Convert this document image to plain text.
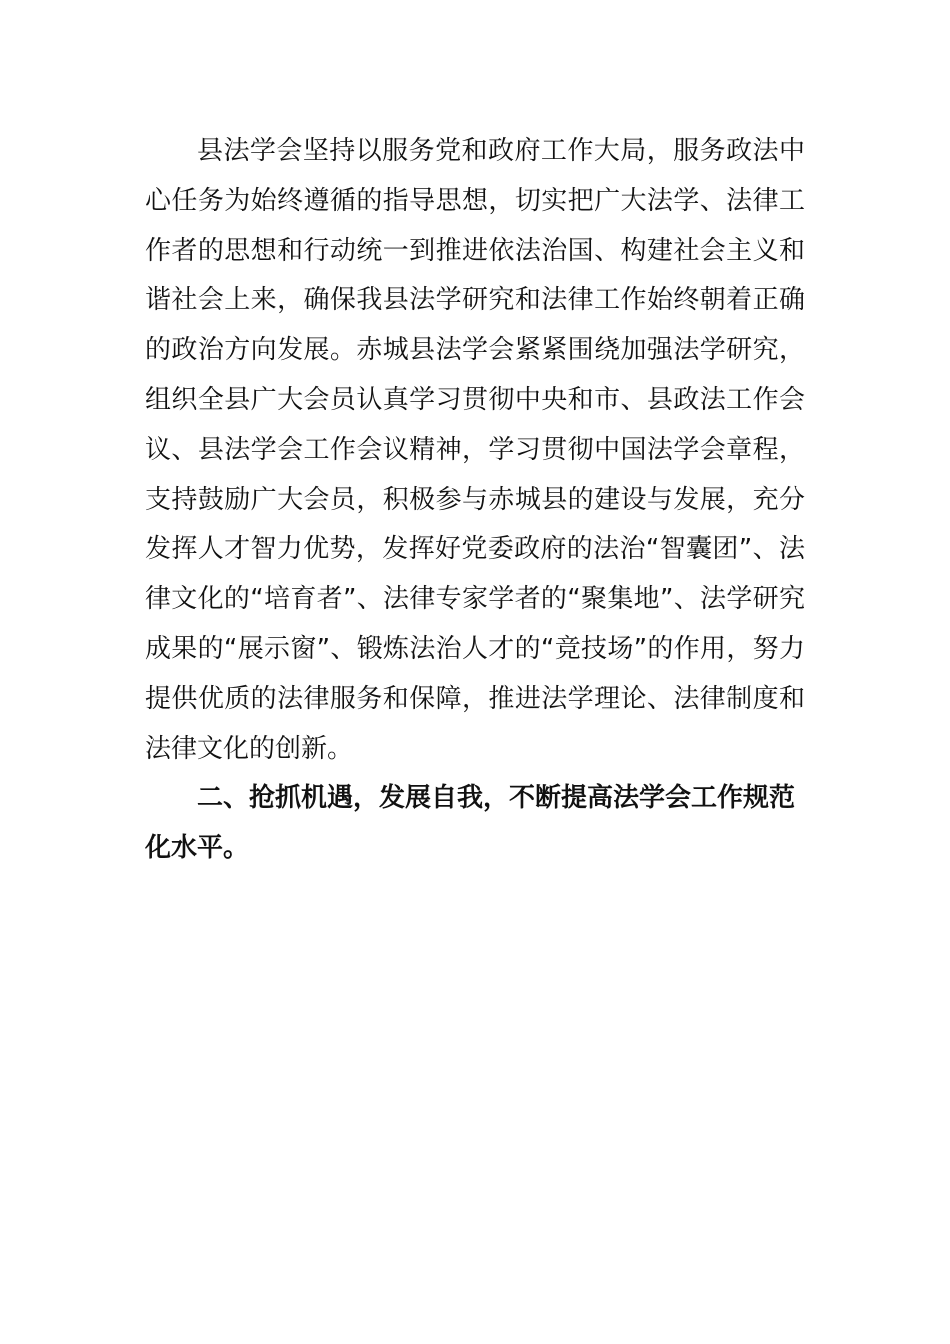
县法学会坚持以服务党和政府工作大局，服务政法中心任务为始终遵循的指导思想，切实把广大法学、法律工作者的思想和行动统一到推进依法治国、构建社会主义和谐社会上来，确保我县法学研究和法律工作始终朝着正确的政治方向发展。赤城县法学会紧紧围绕加强法学研究，组织全县广大会员认真学习贯彻中央和市、县政法工作会议、县法学会工作会议精神，学习贯彻中国法学会章程，支持鼓励广大会员，积极参与赤城县的建设与发展，充分发挥人才智力优势，发挥好党委政府的法治“智囊团”、法律文化的“培育者”、法律专家学者的“聚集地”、法学研究成果的“展示窗”、锻炼法治人才的“竞技场”的作用，努力提供优质的法律服务和保障，推进法学理论、法律制度和法律文化的创新。

二、抢抓机遇，发展自我，不断提高法学会工作规范化水平。
